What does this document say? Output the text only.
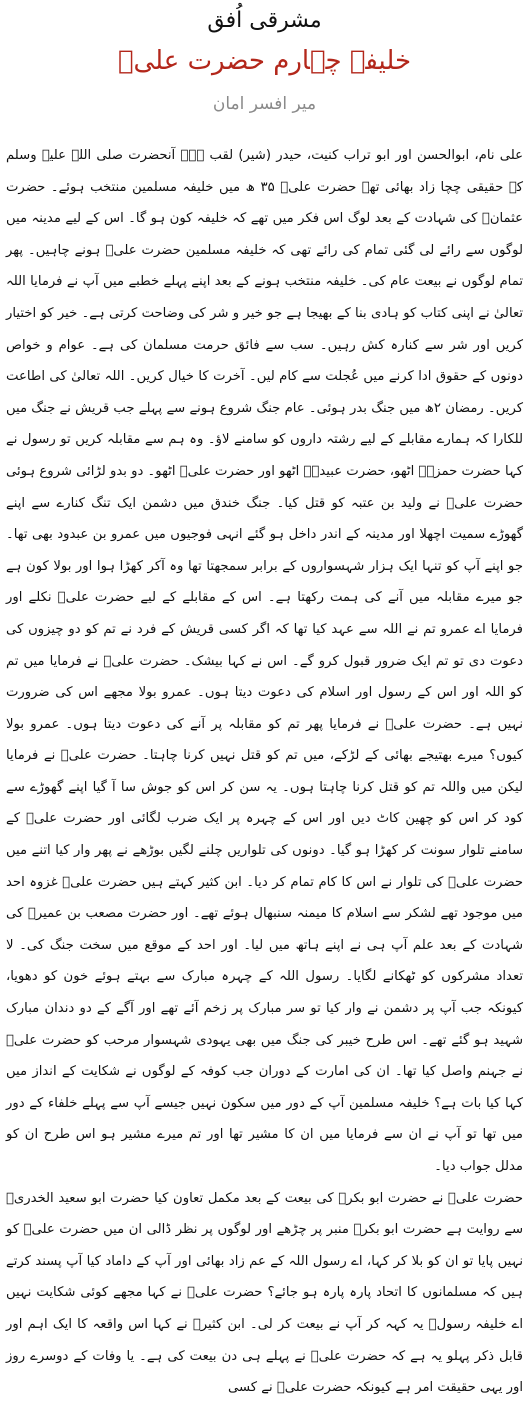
مشرقی اُفق
خلیفہ چہارم حضرت علیؓ
میر افسر امان

علی نام، ابوالحسن اور ابو تراب کنیت، حیدر (شیر) لقب ہے۔ آنحضرت صلی اللہ علیہ وسلم کے حقیقی چچا زاد بھائی تھے حضرت علیؓ ۳۵ ھ میں خلیفہ مسلمین منتخب ہوئے۔ حضرت عثمانؓ کی شہادت کے بعد لوگ اس فکر میں تھے کہ خلیفہ کون ہو گا۔ اس کے لیے مدینہ میں لوگوں سے رائے لی گئی تمام کی رائے تھی کہ خلیفہ مسلمین حضرت علیؓ ہونے چاہیں۔ پھر تمام لوگوں نے بیعت عام کی۔ خلیفہ منتخب ہونے کے بعد اپنے پہلے خطبے میں آپ نے فرمایا اللہ تعالیٰ نے اپنی کتاب کو ہادی بنا کے بھیجا ہے جو خیر و شر کی وضاحت کرتی ہے۔ خیر کو اختیار کریں اور شر سے کنارہ کش رہیں۔ سب سے فائق حرمت مسلمان کی ہے۔ عوام و خواص دونوں کے حقوق ادا کرنے میں عُجلت سے کام لیں۔ آخرت کا خیال کریں۔ اللہ تعالیٰ کی اطاعت کریں۔ رمضان ۲ھ میں جنگ بدر ہوئی۔ عام جنگ شروع ہونے سے پہلے جب قریش نے جنگ میں للکارا کہ ہمارے مقابلے کے لیے رشتہ داروں کو سامنے لاؤ۔ وہ ہم سے مقابلہ کریں تو رسول نے کہا حضرت حمزہؓ اٹھو، حضرت عبیدہؓ اٹھو اور حضرت علیؓ اٹھو۔ دو بدو لڑائی شروع ہوئی حضرت علیؓ نے ولید بن عتبہ کو قتل کیا۔ جنگ خندق میں دشمن ایک تنگ کنارے سے اپنے گھوڑے سمیت اچھلا اور مدینہ کے اندر داخل ہو گئے انہی فوجیوں میں عمرو بن عبدود بھی تھا۔ جو اپنے آپ کو تنہا ایک ہزار شہسواروں کے برابر سمجھتا تھا وہ آکر کھڑا ہوا اور بولا کون ہے جو میرے مقابلہ میں آنے کی ہمت رکھتا ہے۔ اس کے مقابلے کے لیے حضرت علیؓ نکلے اور فرمایا اے عمرو تم نے اللہ سے عہد کیا تھا کہ اگر کسی قریش کے فرد نے تم کو دو چیزوں کی دعوت دی تو تم ایک ضرور قبول کرو گے۔ اس نے کہا بیشک۔ حضرت علیؓ نے فرمایا میں تم کو اللہ اور اس کے رسول اور اسلام کی دعوت دیتا ہوں۔ عمرو بولا مجھے اس کی ضرورت نہیں ہے۔ حضرت علیؓ نے فرمایا پھر تم کو مقابلہ پر آنے کی دعوت دیتا ہوں۔ عمرو بولا کیوں؟ میرے بھتیجے بھائی کے لڑکے، میں تم کو قتل نہیں کرنا چاہتا۔ حضرت علیؓ نے فرمایا لیکن میں واللہ تم کو قتل کرنا چاہتا ہوں۔ یہ سن کر اس کو جوش سا آ گیا اپنے گھوڑے سے کود کر اس کو چھین کاٹ دیں اور اس کے چہرہ پر ایک ضرب لگائی اور حضرت علیؓ کے سامنے تلوار سونت کر کھڑا ہو گیا۔ دونوں کی تلواریں چلنے لگیں بوڑھے نے پھر وار کیا اتنے میں حضرت علیؓ کی تلوار نے اس کا کام تمام کر دیا۔ ابن کثیر کہتے ہیں حضرت علیؓ غزوہ احد میں موجود تھے لشکر سے اسلام کا میمنہ سنبھال ہوئے تھے۔ اور حضرت مصعب بن عمیرؓ کی شہادت کے بعد علم آپ ہی نے اپنے ہاتھ میں لیا۔ اور احد کے موقع میں سخت جنگ کی۔ لا تعداد مشرکوں کو ٹھکانے لگایا۔ رسول اللہ کے چہرہ مبارک سے بہتے ہوئے خون کو دھویا، کیونکہ جب آپ پر دشمن نے وار کیا تو سر مبارک پر زخم آئے تھے اور آگے کے دو دندان مبارک شہید ہو گئے تھے۔ اس طرح خیبر کی جنگ میں بھی یہودی شہسوار مرحب کو حضرت علیؓ نے جہنم واصل کیا تھا۔ ان کی امارت کے دوران جب کوفہ کے لوگوں نے شکایت کے انداز میں کہا کیا بات ہے؟ خلیفہ مسلمین آپ کے دور میں سکون نہیں جیسے آپ سے پہلے خلفاء کے دور میں تھا تو آپ نے ان سے فرمایا میں ان کا مشیر تھا اور تم میرے مشیر ہو اس طرح ان کو مدلل جواب دیا۔

حضرت علیؓ نے حضرت ابو بکرؓ کی بیعت کے بعد مکمل تعاون کیا حضرت ابو سعید الخدریؓ سے روایت ہے حضرت ابو بکرؓ منبر پر چڑھے اور لوگوں پر نظر ڈالی ان میں حضرت علیؓ کو نہیں پایا تو ان کو بلا کر کہا، اے رسول اللہ کے عم زاد بھائی اور آپ کے داماد کیا آپ پسند کرتے ہیں کہ مسلمانوں کا اتحاد پارہ پارہ ہو جائے؟ حضرت علیؓ نے کہا مجھے کوئی شکایت نہیں اے خلیفہ رسولؐ یہ کہہ کر آپ نے بیعت کر لی۔ ابن کثیرؒ نے کہا اس واقعہ کا ایک اہم اور قابل ذکر پہلو یہ ہے کہ حضرت علیؓ نے پہلے ہی دن بیعت کی ہے۔ یا وفات کے دوسرے روز اور یہی حقیقت امر ہے کیونکہ حضرت علیؓ نے کسی
